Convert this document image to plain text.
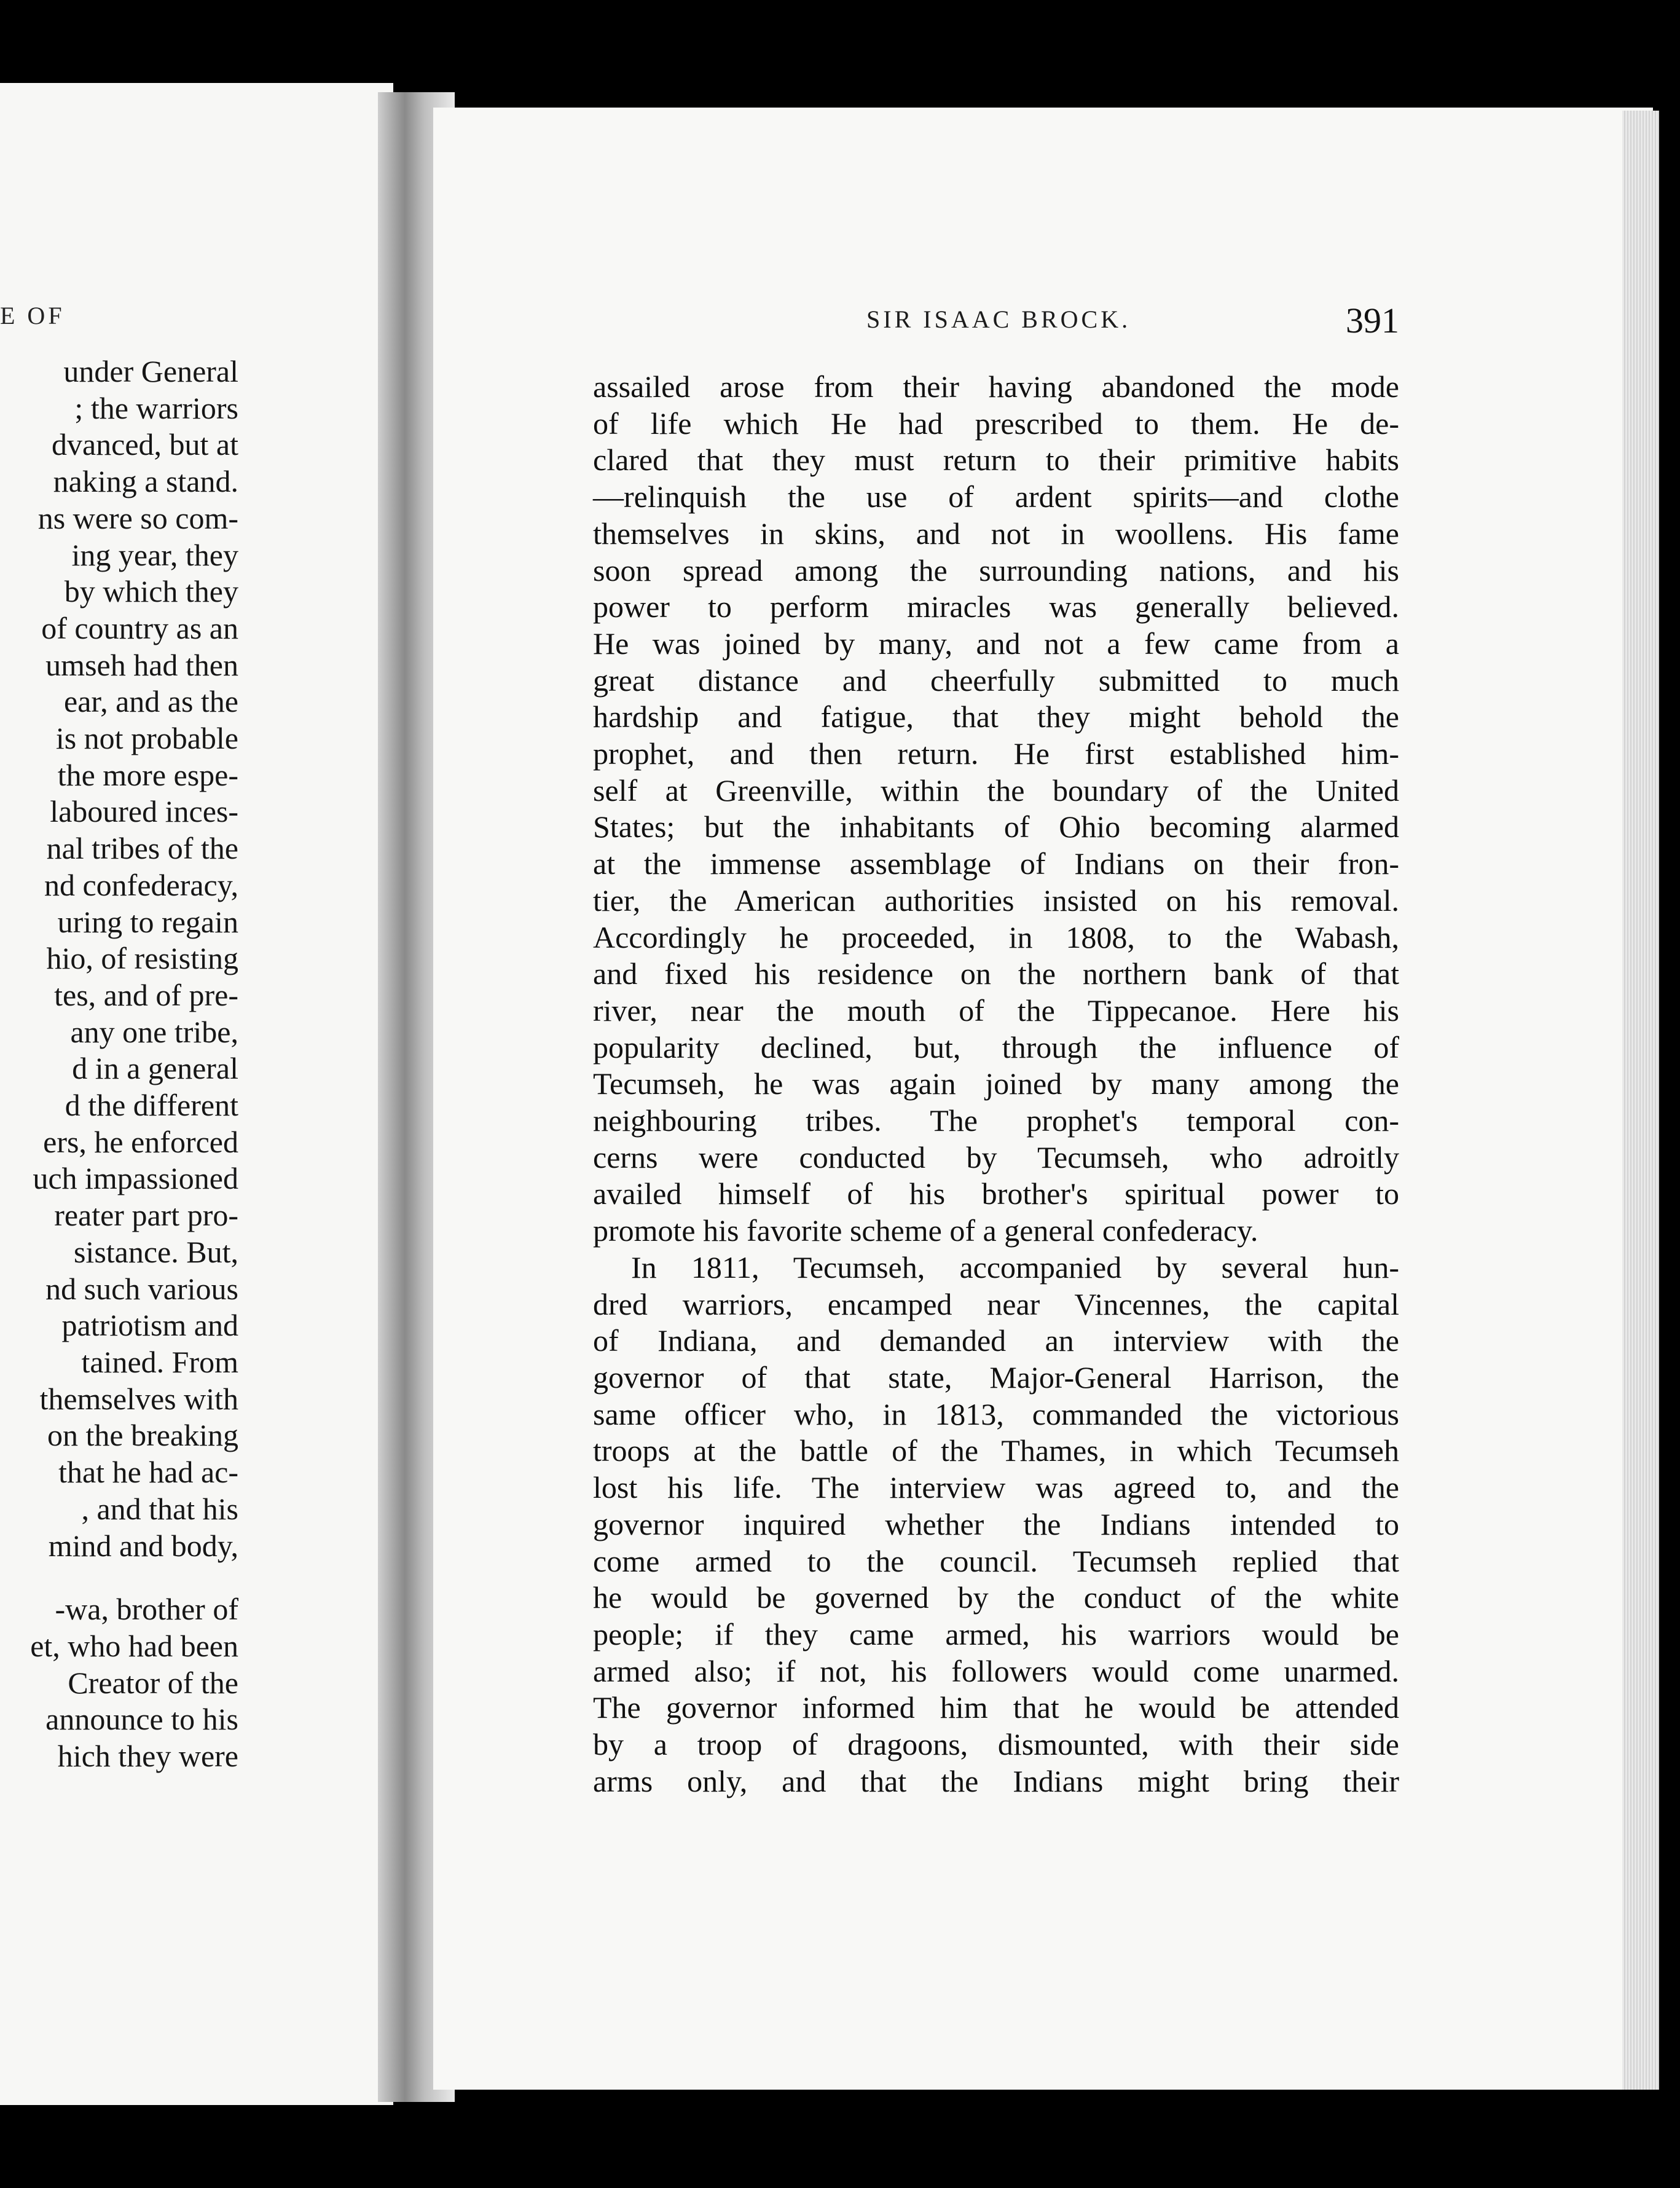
E OF
under General
; the warriors
dvanced, but at
naking a stand.
ns were so com-
ing year, they
by which they
of country as an
umseh had then
ear, and as the
is not probable
the more espe-
laboured inces-
nal tribes of the
nd confederacy,
uring to regain
hio, of resisting
tes, and of pre-
any one tribe,
d in a general
d the different
ers, he enforced
uch impassioned
reater part pro-
sistance. But,
nd such various
patriotism and
tained. From
themselves with
on the breaking
that he had ac-
, and that his
mind and body,
-wa, brother of
et, who had been
Creator of the
announce to his
hich they were
SIR ISAAC BROCK.	391
assailed arose from their having abandoned the mode
of life which He had prescribed to them. He de-
clared that they must return to their primitive habits
—relinquish the use of ardent spirits—and clothe
themselves in skins, and not in woollens. His fame
soon spread among the surrounding nations, and his
power to perform miracles was generally believed.
He was joined by many, and not a few came from a
great distance and cheerfully submitted to much
hardship and fatigue, that they might behold the
prophet, and then return. He first established him-
self at Greenville, within the boundary of the United
States; but the inhabitants of Ohio becoming alarmed
at the immense assemblage of Indians on their fron-
tier, the American authorities insisted on his removal.
Accordingly he proceeded, in 1808, to the Wabash,
and fixed his residence on the northern bank of that
river, near the mouth of the Tippecanoe. Here his
popularity declined, but, through the influence of
Tecumseh, he was again joined by many among the
neighbouring tribes. The prophet's temporal con-
cerns were conducted by Tecumseh, who adroitly
availed himself of his brother's spiritual power to
promote his favorite scheme of a general confederacy.
In 1811, Tecumseh, accompanied by several hun-
dred warriors, encamped near Vincennes, the capital
of Indiana, and demanded an interview with the
governor of that state, Major-General Harrison, the
same officer who, in 1813, commanded the victorious
troops at the battle of the Thames, in which Tecumseh
lost his life. The interview was agreed to, and the
governor inquired whether the Indians intended to
come armed to the council. Tecumseh replied that
he would be governed by the conduct of the white
people; if they came armed, his warriors would be
armed also; if not, his followers would come unarmed.
The governor informed him that he would be attended
by a troop of dragoons, dismounted, with their side
arms only, and that the Indians might bring their
